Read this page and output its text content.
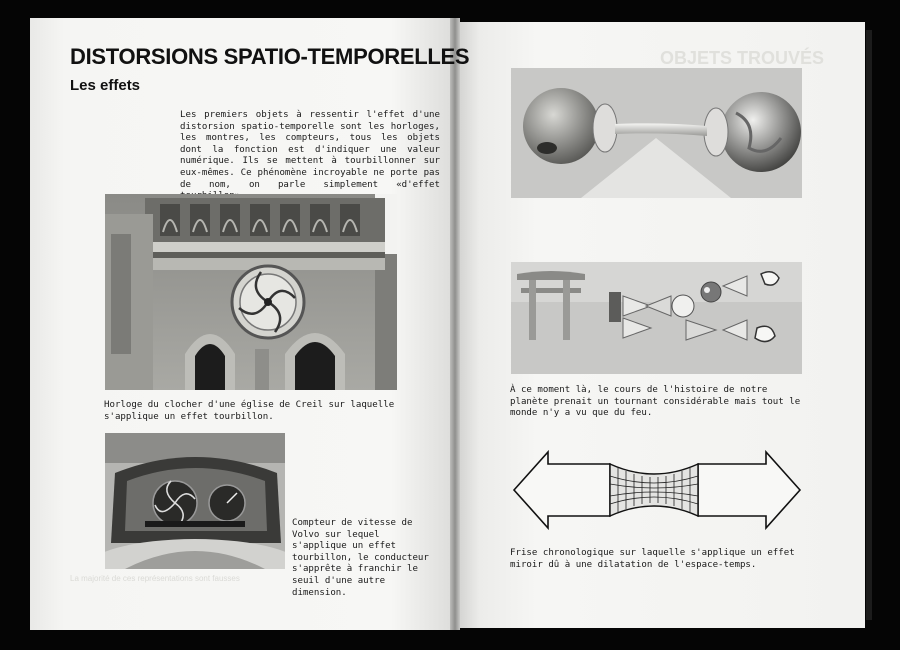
DISTORSIONS SPATIO-TEMPORELLES
Les effets
Les premiers objets à ressentir l'effet d'une distorsion spatio-temporelle sont les horloges, les montres, les compteurs, tous les objets dont la fonction est d'indiquer une valeur numérique. Ils se mettent à tourbillonner sur eux-mêmes. Ce phénomène incroyable ne porte pas de nom, on parle simplement «d'effet
Horloge du clocher d'une église de Creil sur laquelle s'applique un effet tourbillon.
Compteur de vitesse de Volvo sur lequel s'applique un effet tourbillon, le conducteur s'apprête à franchir le seuil d'une autre dimension.
La majorité de ces représentations sont fausses
OBJETS TROUVÉS
À ce moment là, le cours de l'histoire de notre planète prenait un tournant considérable mais tout le monde n'y a vu que du feu.
Frise chronologique sur laquelle s'applique un effet miroir dû à une dilatation de l'espace-temps.
